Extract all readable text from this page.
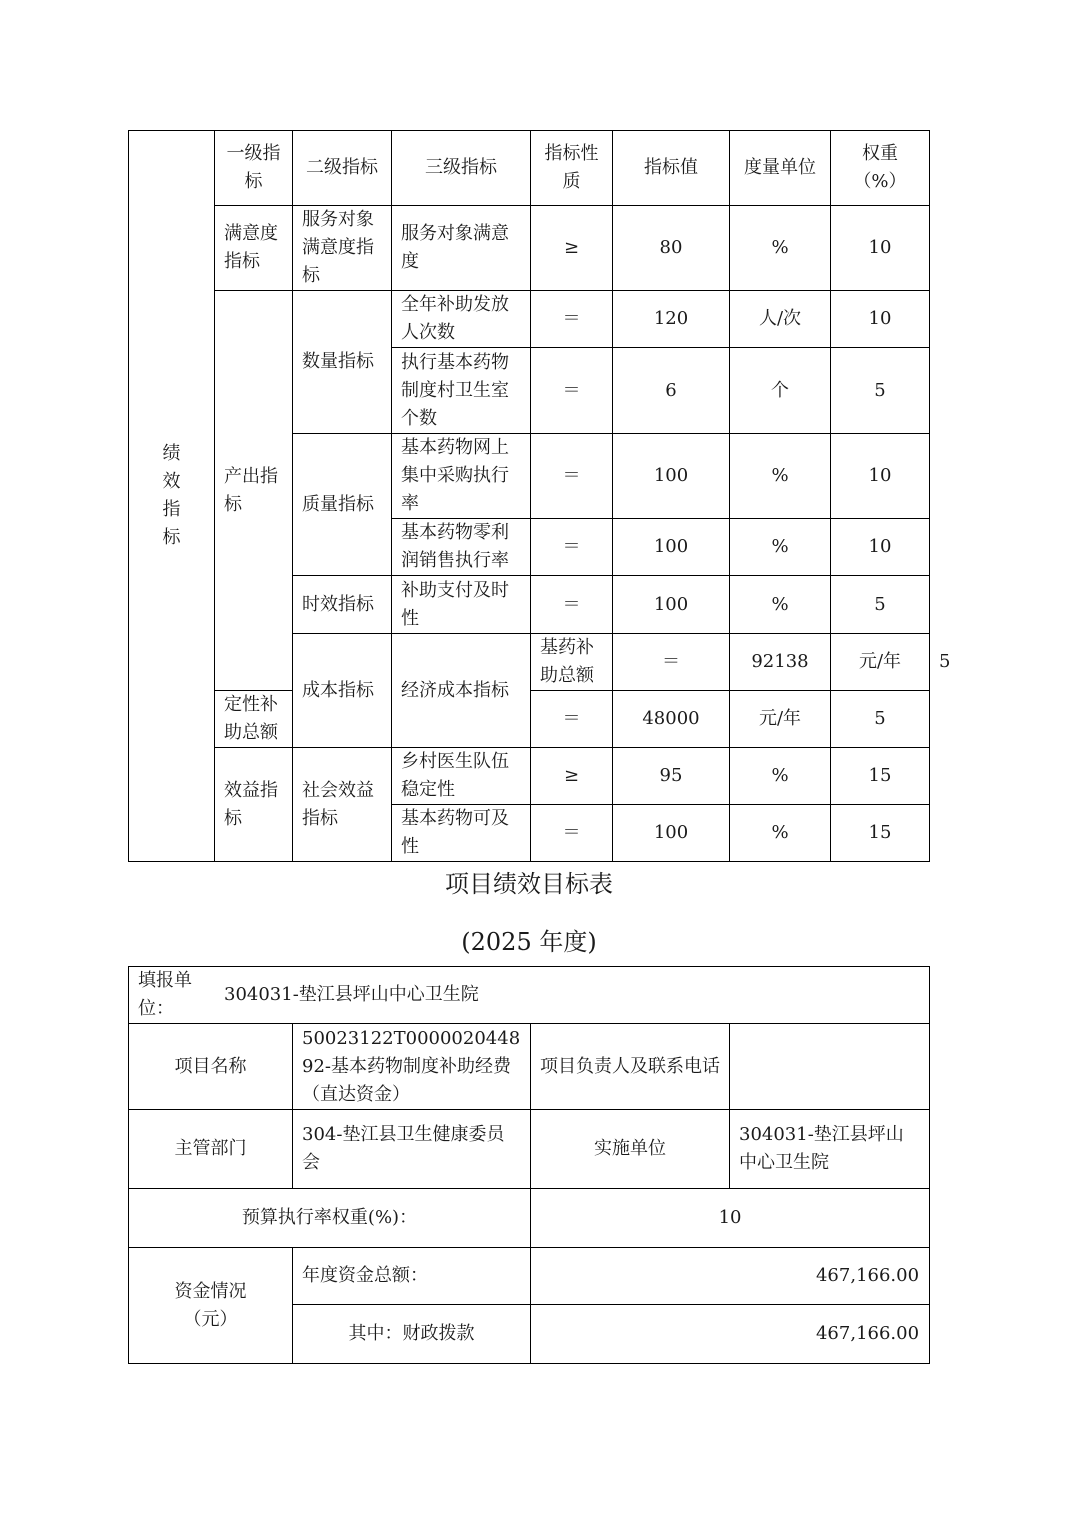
绩效指标	一级指标	二级指标	三级指标	指标性质	指标值	度量单位	权重（%）	
	满意度指标	服务对象满意度指标	服务对象满意度	≥	80	%	10	
	产出指标	数量指标	全年补助发放人次数	＝	120	人/次	10	
			执行基本药物制度村卫生室个数	＝	6	个	5	
		质量指标	基本药物网上集中采购执行率	＝	100	%	10	
			基本药物零利润销售执行率	＝	100	%	10	
		时效指标	补助支付及时性	＝	100	%	5	
		成本指标	经济成本指标	基药补助总额	＝	92138	元/年	5
	定性补助总额			＝	48000	元/年	5	
	效益指标	社会效益指标	乡村医生队伍稳定性	≥	95	%	15	
			基本药物可及性	＝	100	%	15	
项目绩效目标表
(2025 年度)
填报单位：
304031-垫江县坪山中心卫生院			

项目名称	50023122T000002044892-基本药物制度补助经费（直达资金）	项目负责人及联系电话	
主管部门	304-垫江县卫生健康委员会	实施单位	304031-垫江县坪山中心卫生院
预算执行率权重(%)：		10	

资金情况（元）	年度资金总额：	467,166.00	
	其中：财政拨款	467,166.00	
